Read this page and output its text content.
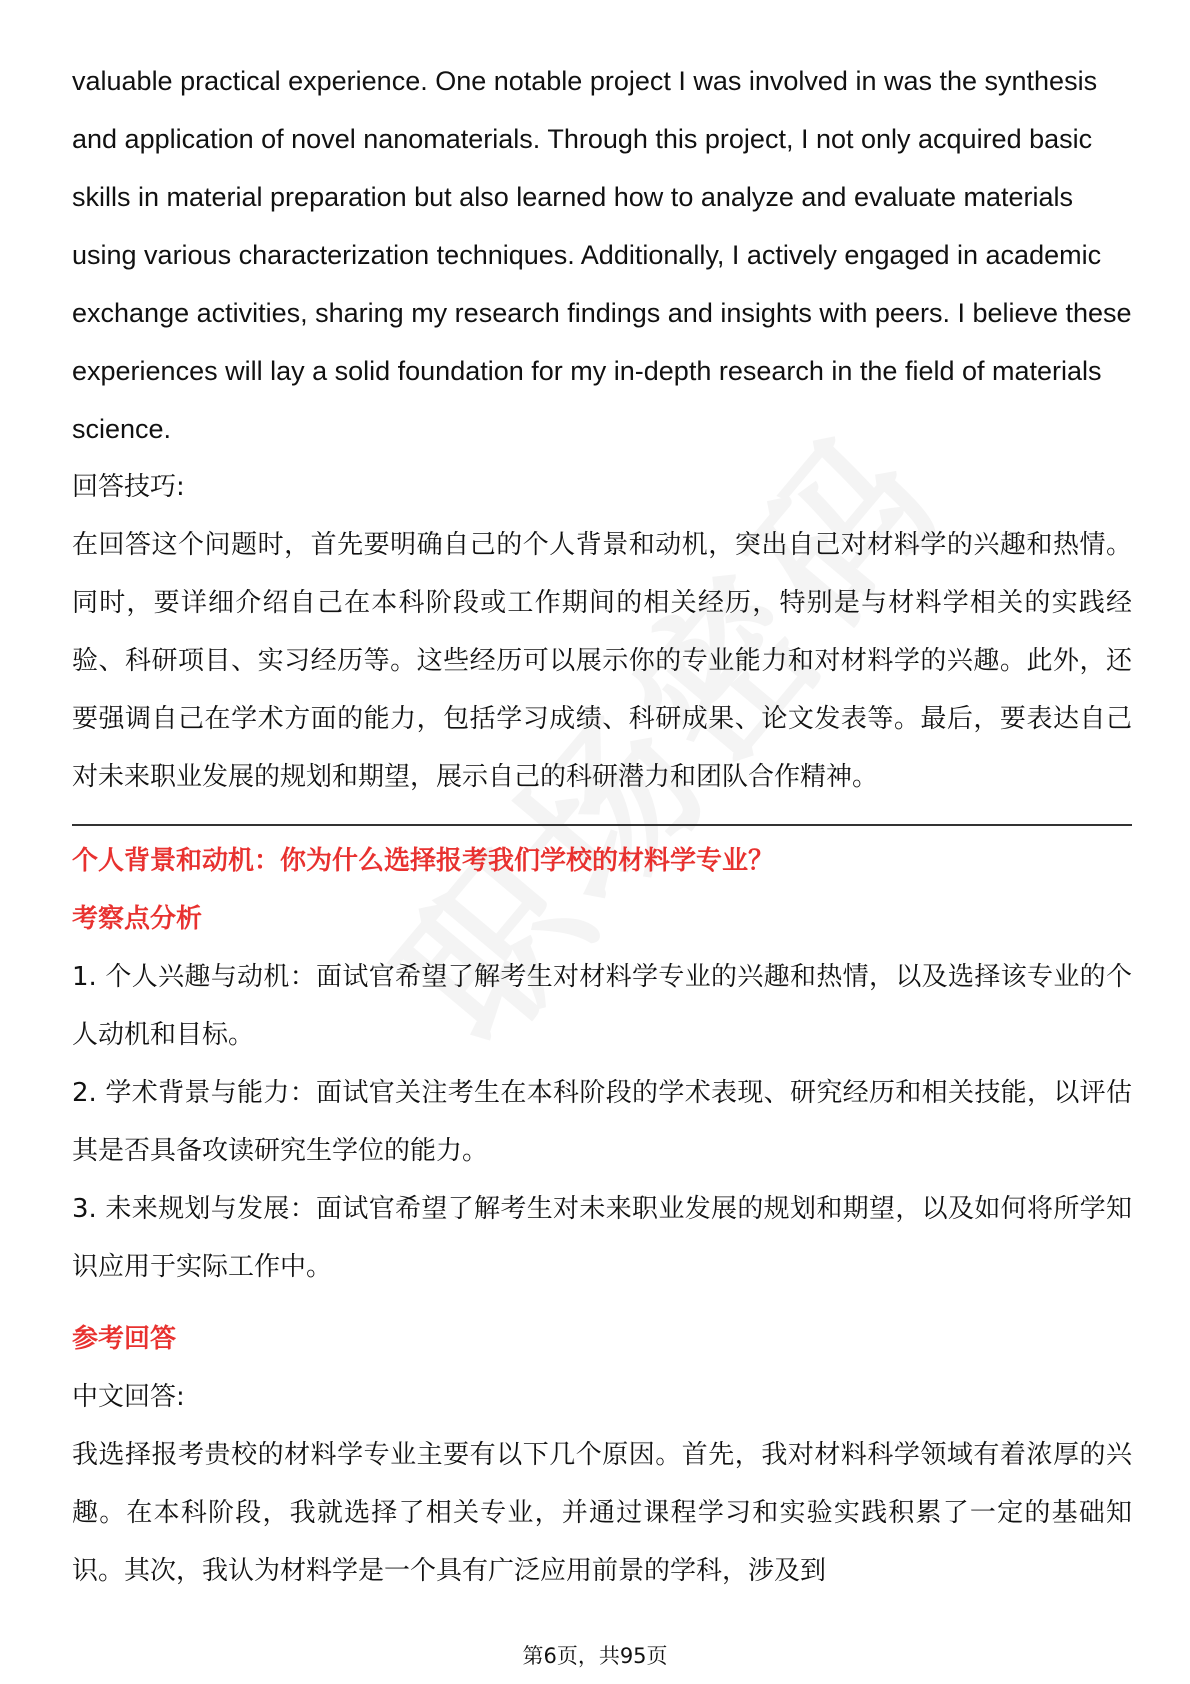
valuable practical experience. One notable project I was involved in was the synthesis and application of novel nanomaterials. Through this project, I not only acquired basic skills in material preparation but also learned how to analyze and evaluate materials using various characterization techniques. Additionally, I actively engaged in academic exchange activities, sharing my research findings and insights with peers. I believe these experiences will lay a solid foundation for my in-depth research in the field of materials science.

回答技巧:

在回答这个问题时，首先要明确自己的个人背景和动机，突出自己对材料学的兴趣和热情。同时，要详细介绍自己在本科阶段或工作期间的相关经历，特别是与材料学相关的实践经验、科研项目、实习经历等。这些经历可以展示你的专业能力和对材料学的兴趣。此外，还要强调自己在学术方面的能力，包括学习成绩、科研成果、论文发表等。最后，要表达自己对未来职业发展的规划和期望，展示自己的科研潜力和团队合作精神。

个人背景和动机：你为什么选择报考我们学校的材料学专业？

考察点分析

1. 个人兴趣与动机：面试官希望了解考生对材料学专业的兴趣和热情，以及选择该专业的个人动机和目标。

2. 学术背景与能力：面试官关注考生在本科阶段的学术表现、研究经历和相关技能，以评估其是否具备攻读研究生学位的能力。

3. 未来规划与发展：面试官希望了解考生对未来职业发展的规划和期望，以及如何将所学知识应用于实际工作中。

参考回答

中文回答:

我选择报考贵校的材料学专业主要有以下几个原因。首先，我对材料科学领域有着浓厚的兴趣。在本科阶段，我就选择了相关专业，并通过课程学习和实验实践积累了一定的基础知识。其次，我认为材料学是一个具有广泛应用前景的学科，涉及到

第6页，共95页
